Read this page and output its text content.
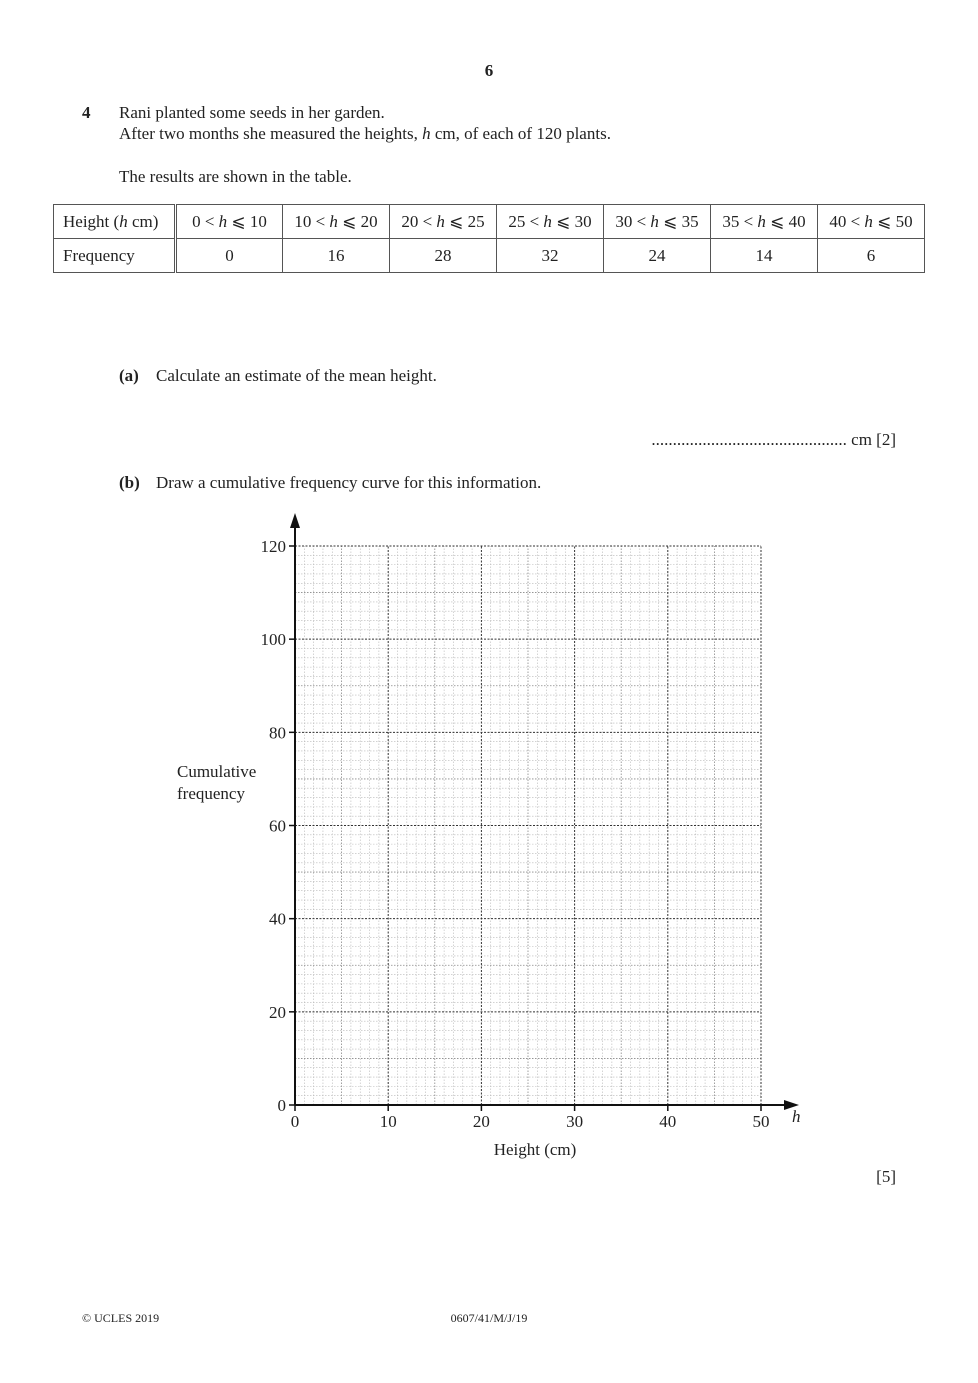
6
4 Rani planted some seeds in her garden.
After two months she measured the heights, h cm, of each of 120 plants.
The results are shown in the table.
Height (h cm)	0 < h ⩽ 10	10 < h ⩽ 20	20 < h ⩽ 25	25 < h ⩽ 30	30 < h ⩽ 35	35 < h ⩽ 40	40 < h ⩽ 50
Frequency	0	16	28	32	24	14	6
(a) Calculate an estimate of the mean height.
.............................................. cm [2]
(b) Draw a cumulative frequency curve for this information.
0
20
40
60
80
100
120
0	10	20	30	40	50
Height (cm)
Cumulative
frequency
h
[5]
© UCLES 2019	0607/41/M/J/19
